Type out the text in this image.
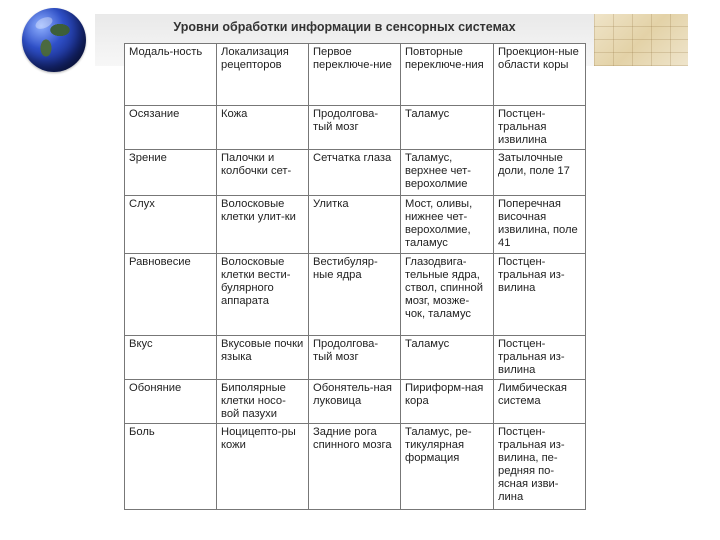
Уровни обработки информации в сенсорных системах
Модаль-ность	Локализация рецепторов	Первое переключе-ние	Повторные переключе-ния	Проекцион-ные области коры
Осязание	Кожа	Продолгова-тый мозг	Таламус	Постцен-тральная извилина
Зрение	Палочки и колбочки сет-	Сетчатка глаза	Таламус, верхнее чет-верохолмие	Затылочные доли, поле 17
Слух	Волосковые клетки улит-ки	Улитка	Мост, оливы, нижнее чет-верохолмие, таламус	Поперечная височная извилина, поле 41
Равновесие	Волосковые клетки вести-булярного аппарата	Вестибуляр-ные ядра	Глазодвига-тельные ядра, ствол, спинной мозг, мозже-чок, таламус	Постцен-тральная из-вилина
Вкус	Вкусовые почки языка	Продолгова-тый мозг	Таламус	Постцен-тральная из-вилина
Обоняние	Биполярные клетки носо-вой пазухи	Обонятель-ная луковица	Пириформ-ная кора	Лимбическая система
Боль	Ноцицепто-ры кожи	Задние рога спинного мозга	Таламус, ре-тикулярная формация	Постцен-тральная из-вилина, пе-редняя по-ясная изви-лина
